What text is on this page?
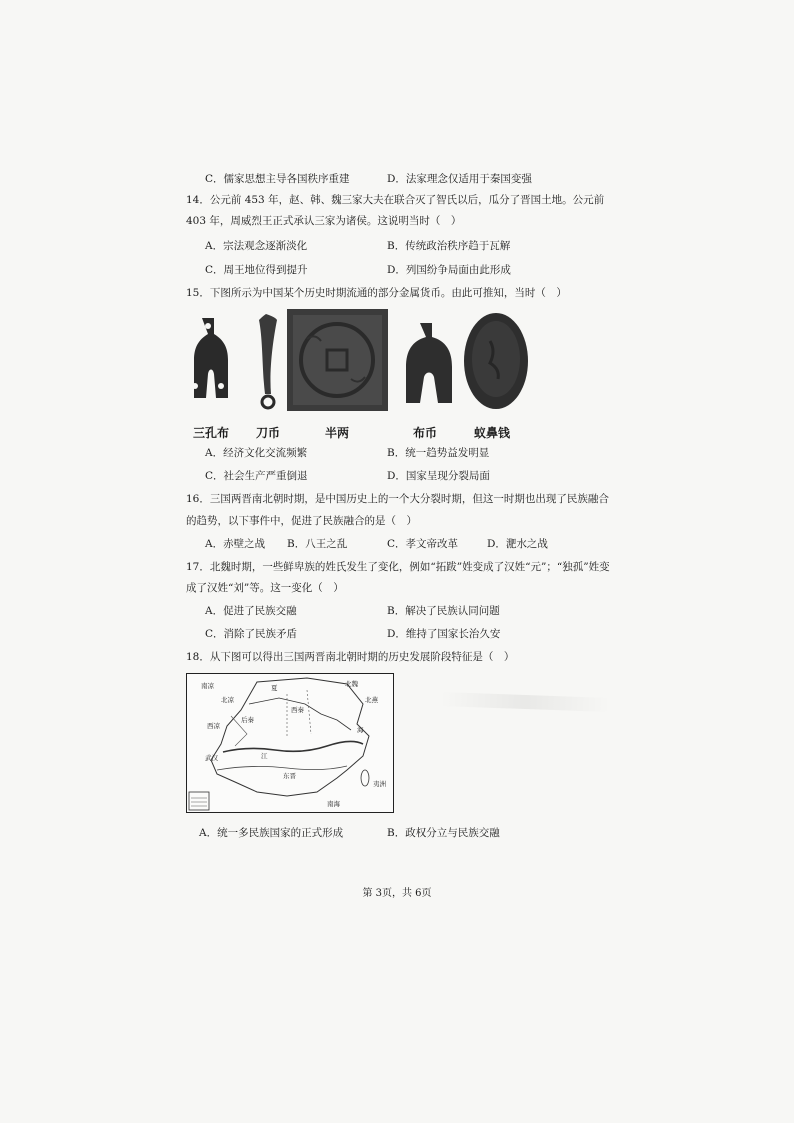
C．儒家思想主导各国秩序重建	D．法家理念仅适用于秦国变强
14．公元前 453 年，赵、韩、魏三家大夫在联合灭了智氏以后，瓜分了晋国土地。公元前
403 年，周威烈王正式承认三家为诸侯。这说明当时（　）
A．宗法观念逐渐淡化	B．传统政治秩序趋于瓦解
C．周王地位得到提升	D．列国纷争局面由此形成
15．下图所示为中国某个历史时期流通的部分金属货币。由此可推知，当时（　）
三孔布 刀币	半两	布币	蚁鼻钱
A．经济文化交流频繁	B．统一趋势益发明显
C．社会生产严重倒退	D．国家呈现分裂局面
16．三国两晋南北朝时期，是中国历史上的一个大分裂时期，但这一时期也出现了民族融合
的趋势，以下事件中，促进了民族融合的是（　）
A．赤壁之战 B．八王之乱	C．孝文帝改革	D．淝水之战
17．北魏时期，一些鲜卑族的姓氏发生了变化，例如“拓跋”姓变成了汉姓“元”；“独孤”姓变
成了汉姓“刘”等。这一变化（　）
A．促进了民族交融	B．解决了民族认同问题
C．消除了民族矛盾	D．维持了国家长治久安
18．从下图可以得出三国两晋南北朝时期的历史发展阶段特征是（　）
南凉	北魏
夏
北燕
北凉
西秦
后秦
西凉
江
武汉
东晋
海
夷洲
南海
A．统一多民族国家的正式形成	B．政权分立与民族交融
第 3页，共 6页
